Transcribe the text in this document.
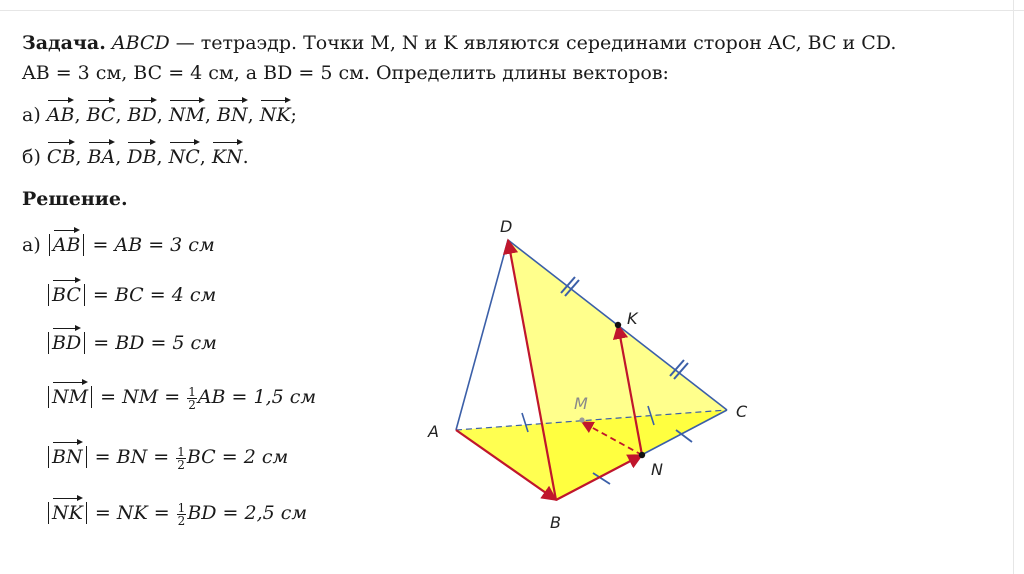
Задача. ABCD — тетраэдр. Точки M, N и K являются серединами сторон AC, BC и CD.
AB = 3 см, BC = 4 см, а BD = 5 см. Определить длины векторов:
а) AB, BC, BD, NM, BN, NK;
б) CB, BA, DB, NC, KN.
Решение.
а) AB = AB = 3 см
BC = BC = 4 см
BD = BD = 5 см
NM = NM = $\frac{1}{2}$ AB = 1,5 см
BN = BN = $\frac{1}{2}$ BC = 2 см
NK = NK = $\frac{1}{2}$ BD = 2,5 см
D
K
M	C
A
N
B
